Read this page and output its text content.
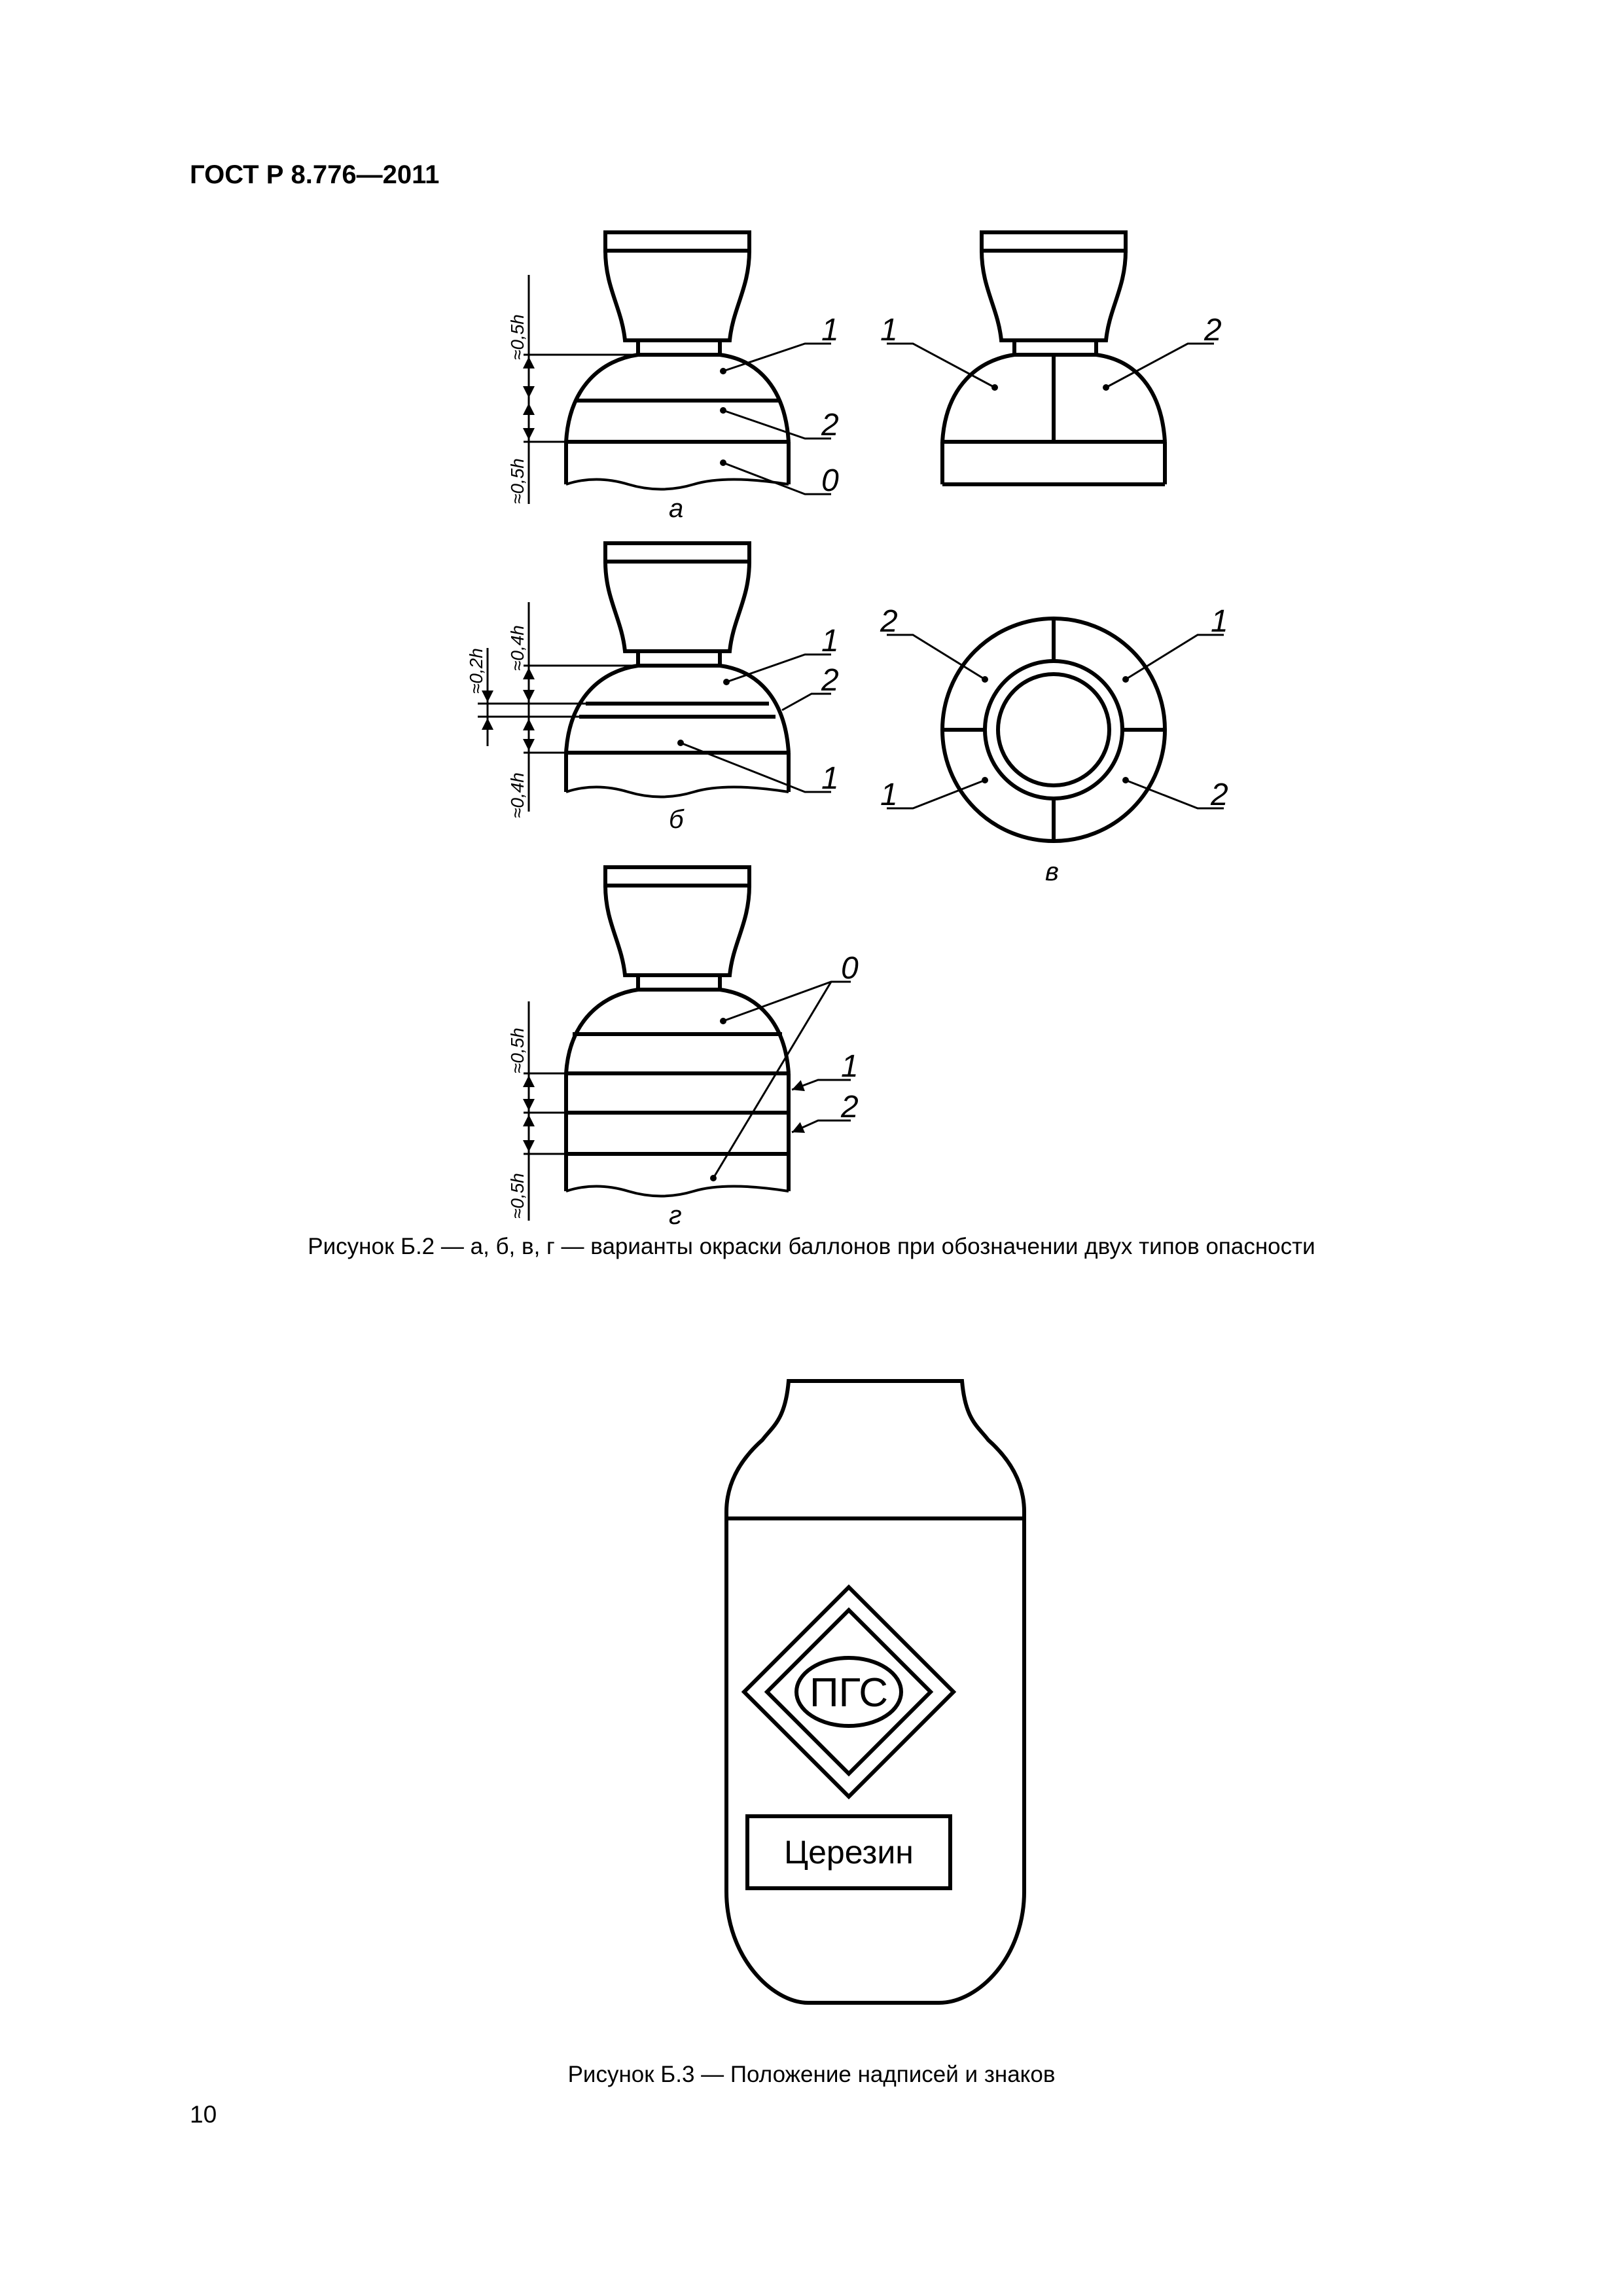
ГОСТ Р 8.776—2011
1
2
0
≈0,5h
≈0,5h
а
1	2
1
2
1
≈0,4h
≈0,2h
≈0,4h
б
2	1
1	2
в
0
1
2
≈0,5h
≈0,5h	г
ПГС
Церезин
Рисунок Б.2 — а, б, в, г — варианты окраски баллонов при обозначении двух типов опасности
Рисунок Б.3 — Положение надписей и знаков
10
